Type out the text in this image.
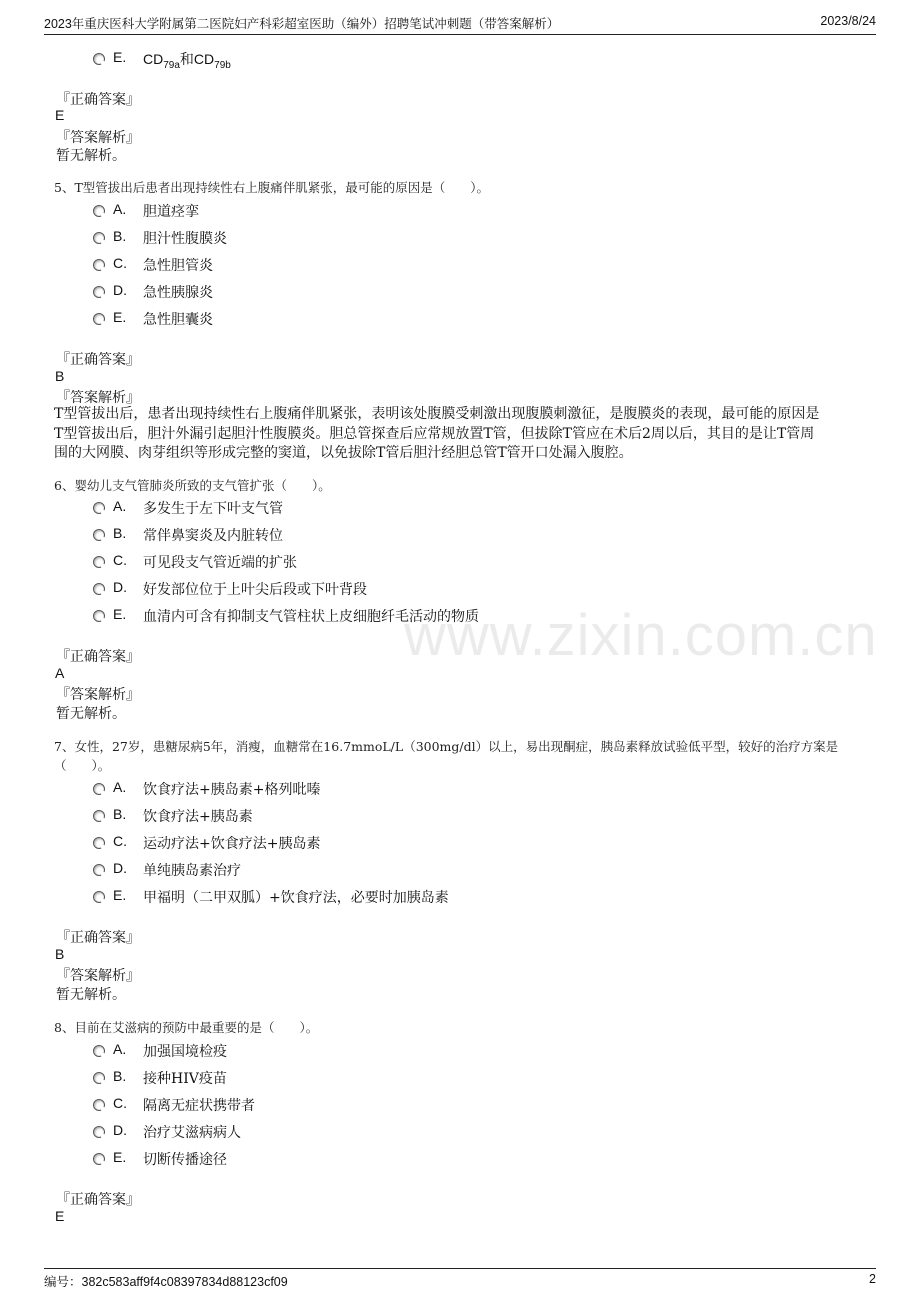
2023年重庆医科大学附属第二医院妇产科彩超室医助（编外）招聘笔试冲刺题（带答案解析）	2023/8/24
www.zixin.com.cn
E. $CD_{79a}$和$CD_{79b}$
『正确答案』
E
『答案解析』
暂无解析。
5、T型管拔出后患者出现持续性右上腹痛伴肌紧张，最可能的原因是（　　）。
A. 胆道痉挛
B. 胆汁性腹膜炎
C. 急性胆管炎
D. 急性胰腺炎
E. 急性胆囊炎
『正确答案』
B
『答案解析』
T型管拔出后，患者出现持续性右上腹痛伴肌紧张，表明该处腹膜受刺激出现腹膜刺激征，是腹膜炎的表现，最可能的原因是
T型管拔出后，胆汁外漏引起胆汁性腹膜炎。胆总管探查后应常规放置T管，但拔除T管应在术后2周以后，其目的是让T管周
围的大网膜、肉芽组织等形成完整的窦道，以免拔除T管后胆汁经胆总管T管开口处漏入腹腔。
6、婴幼儿支气管肺炎所致的支气管扩张（　　）。
A. 多发生于左下叶支气管
B. 常伴鼻窦炎及内脏转位
C. 可见段支气管近端的扩张
D. 好发部位位于上叶尖后段或下叶背段
E. 血清内可含有抑制支气管柱状上皮细胞纤毛活动的物质
『正确答案』
A
『答案解析』
暂无解析。
7、女性，27岁，患糖尿病5年，消瘦，血糖常在16.7mmoL/L（300mg/dl）以上，易出现酮症，胰岛素释放试验低平型，较好的治疗方案是
（　　）。
A. 饮食疗法+胰岛素+格列吡嗪
B. 饮食疗法+胰岛素
C. 运动疗法+饮食疗法+胰岛素
D. 单纯胰岛素治疗
E. 甲福明（二甲双胍）+饮食疗法，必要时加胰岛素
『正确答案』
B
『答案解析』
暂无解析。
8、目前在艾滋病的预防中最重要的是（　　）。
A. 加强国境检疫
B. 接种HIV疫苗
C. 隔离无症状携带者
D. 治疗艾滋病病人
E. 切断传播途径
『正确答案』
E
编号：382c583aff9f4c08397834d88123cf09	2
